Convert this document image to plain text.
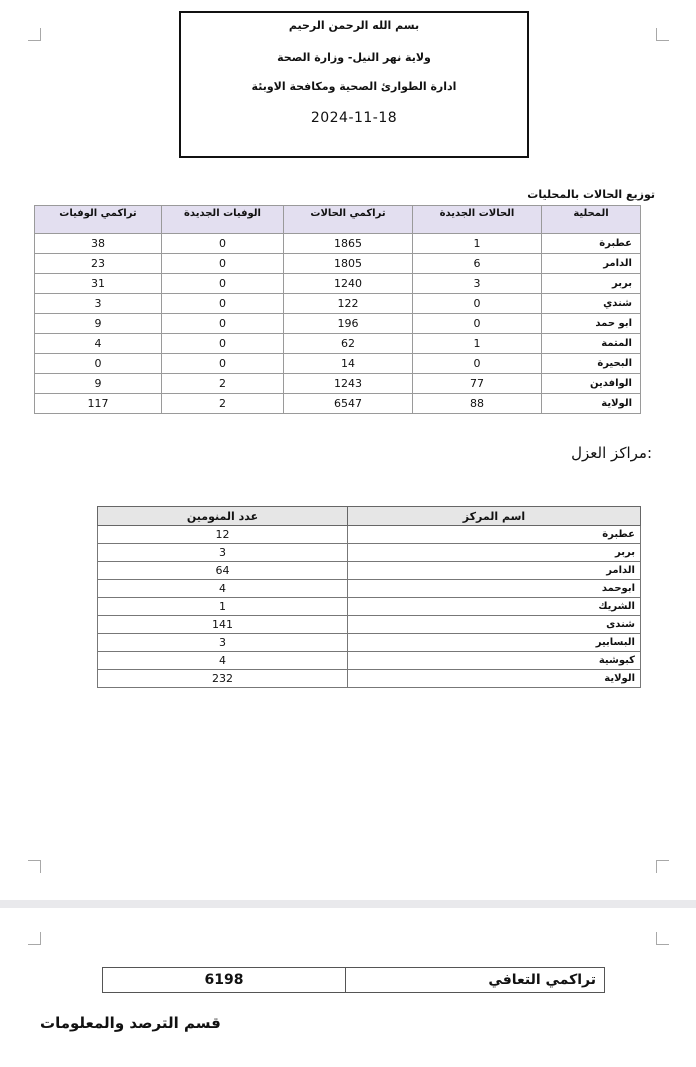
بسم الله الرحمن الرحيم
ولاية نهر النيل- وزارة الصحة
ادارة الطوارئ الصحية ومكافحة الاوبئة
2024-11-18
توزيع الحالات بالمحليات
المحلية	الحالات الجديدة	تراكمي الحالات	الوفيات الجديدة	تراكمي الوفيات
عطبرة	1	1865	0	38
الدامر	6	1805	0	23
بربر	3	1240	0	31
شندي	0	122	0	3
ابو حمد	0	196	0	9
المتمة	1	62	0	4
البحيرة	0	14	0	0
الوافدين	77	1243	2	9
الولاية	88	6547	2	117
:مراكز العزل
اسم المركز	عدد المنومين
عطبرة	12
بربر	3
الدامر	64
ابوحمد	4
الشريك	1
شندى	141
البسابير	3
كبوشية	4
الولاية	232
تراكمي التعافي	6198
قسم الترصد والمعلومات
